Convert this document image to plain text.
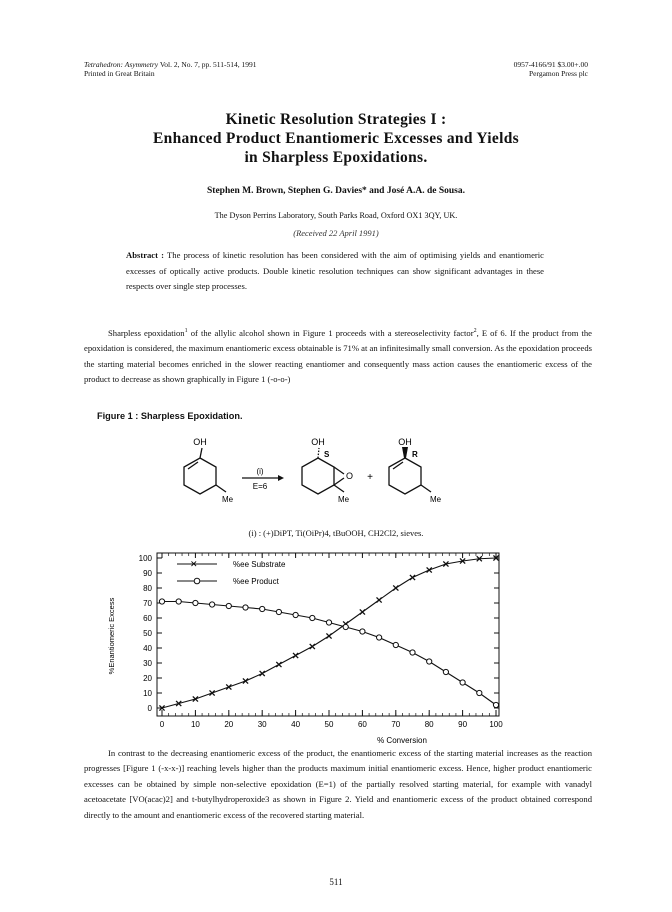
Tetrahedron: Asymmetry Vol. 2, No. 7, pp. 511-514, 1991
Printed in Great Britain
0957-4166/91 $3.00+.00
Pergamon Press plc
Kinetic Resolution Strategies I :
Enhanced Product Enantiomeric Excesses and Yields
in Sharpless Epoxidations.
Stephen M. Brown, Stephen G. Davies* and José A.A. de Sousa.
The Dyson Perrins Laboratory, South Parks Road, Oxford OX1 3QY, UK.
(Received 22 April 1991)
Abstract : The process of kinetic resolution has been considered with the aim of optimising yields and enantiomeric excesses of optically active products. Double kinetic resolution techniques can show significant advantages in these respects over single step processes.
Sharpless epoxidation$^1$ of the allylic alcohol shown in Figure 1 proceeds with a stereoselectivity factor$^2$, E of 6. If the product from the epoxidation is considered, the maximum enantiomeric excess obtainable is 71% at an infinitesimally small conversion. As the epoxidation proceeds the starting material becomes enriched in the slower reacting enantiomer and consequently mass action causes the enantiomeric excess of the product to decrease as shown graphically in Figure 1 (-o-o-)
Figure 1 : Sharpless Epoxidation.
OH
Me
(i)
E=6
OH
S
O
Me
+
OH
R
Me
(i) : (+)DiPT, Ti(OiPr)4, tBuOOH, CH2Cl2, sieves.
0
10
20
30
40
50
60
70
80
90
100
0	10	20	30	40	50	60	70	80	90	100
✕	%ee Substrate
%ee Product
%Enantiomeric Excess
% Conversion
In contrast to the decreasing enantiomeric excess of the product, the enantiomeric excess of the starting material increases as the reaction progresses [Figure 1 (-x-x-)] reaching levels higher than the products maximum initial enantiomeric excess. Hence, higher product enantiomeric excesses can be obtained by simple non-selective epoxidation (E=1) of the partially resolved starting material, for example with vanadyl acetoacetate [VO(acac)2] and t-butylhydroperoxide3 as shown in Figure 2. Yield and enantiomeric excess of the product obtained correspond directly to the amount and enantiomeric excess of the recovered starting material.
511
